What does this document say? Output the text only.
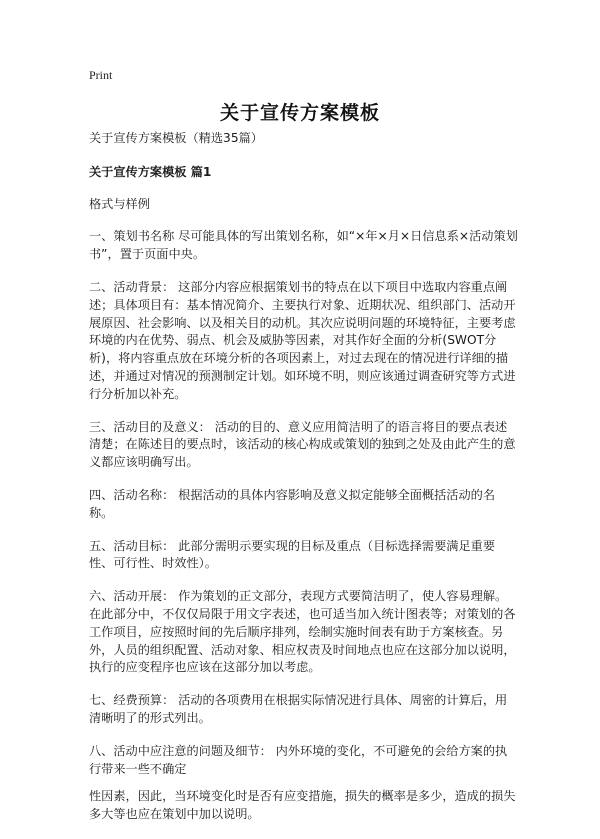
Print
关于宣传方案模板

关于宣传方案模板（精选35篇）

关于宣传方案模板 篇1

格式与样例

一、策划书名称 尽可能具体的写出策划名称，如“×年×月×日信息系×活动策划书”，置于页面中央。

二、活动背景： 这部分内容应根据策划书的特点在以下项目中选取内容重点阐述；具体项目有：基本情况简介、主要执行对象、近期状况、组织部门、活动开展原因、社会影响、以及相关目的动机。其次应说明问题的环境特征，主要考虑环境的内在优势、弱点、机会及威胁等因素，对其作好全面的分析(SWOT分析)，将内容重点放在环境分析的各项因素上，对过去现在的情况进行详细的描述，并通过对情况的预测制定计划。如环境不明，则应该通过调查研究等方式进行分析加以补充。

三、活动目的及意义： 活动的目的、意义应用简洁明了的语言将目的要点表述清楚；在陈述目的要点时，该活动的核心构成或策划的独到之处及由此产生的意义都应该明确写出。

四、活动名称： 根据活动的具体内容影响及意义拟定能够全面概括活动的名称。

五、活动目标： 此部分需明示要实现的目标及重点（目标选择需要满足重要性、可行性、时效性）。

六、活动开展： 作为策划的正文部分，表现方式要简洁明了，使人容易理解。在此部分中，不仅仅局限于用文字表述，也可适当加入统计图表等；对策划的各工作项目，应按照时间的先后顺序排列，绘制实施时间表有助于方案核查。另外，人员的组织配置、活动对象、相应权责及时间地点也应在这部分加以说明，执行的应变程序也应该在这部分加以考虑。

七、经费预算： 活动的各项费用在根据实际情况进行具体、周密的计算后，用清晰明了的形式列出。

八、活动中应注意的问题及细节： 内外环境的变化，不可避免的会给方案的执行带来一些不确定

性因素，因此，当环境变化时是否有应变措施，损失的概率是多少，造成的损失多大等也应在策划中加以说明。
